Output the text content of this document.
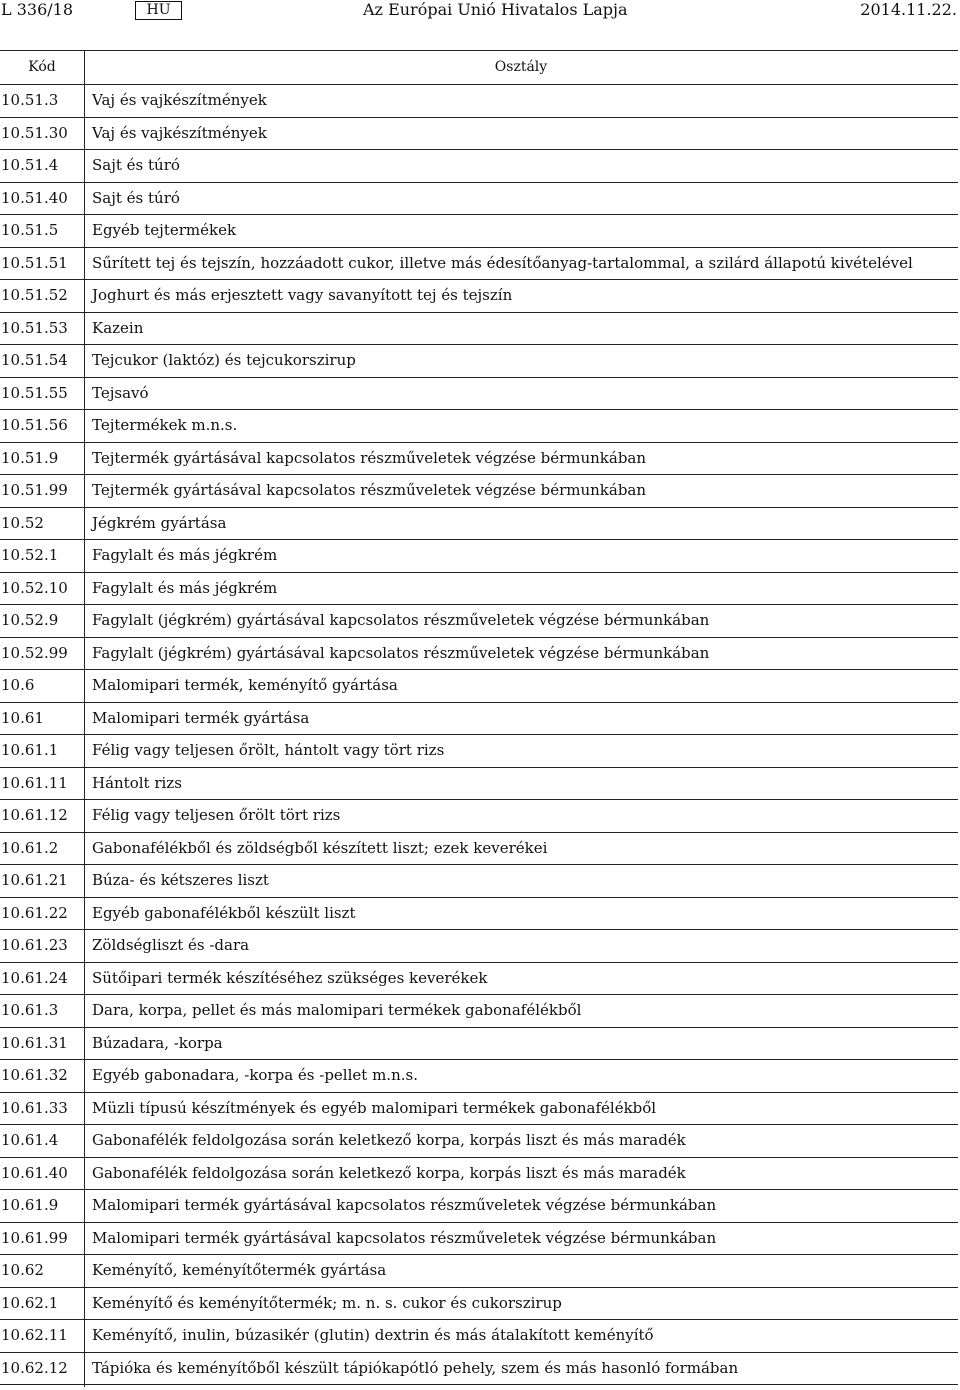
L 336/18	HU	Az Európai Unió Hivatalos Lapja	2014.11.22.
Kód	Osztály
10.51.3	Vaj és vajkészítmények
10.51.30	Vaj és vajkészítmények
10.51.4	Sajt és túró
10.51.40	Sajt és túró
10.51.5	Egyéb tejtermékek
10.51.51	Sűrített tej és tejszín, hozzáadott cukor, illetve más édesítőanyag-tartalommal, a szilárd állapotú kivételével
10.51.52	Joghurt és más erjesztett vagy savanyított tej és tejszín
10.51.53	Kazein
10.51.54	Tejcukor (laktóz) és tejcukorszirup
10.51.55	Tejsavó
10.51.56	Tejtermékek m.n.s.
10.51.9	Tejtermék gyártásával kapcsolatos részműveletek végzése bérmunkában
10.51.99	Tejtermék gyártásával kapcsolatos részműveletek végzése bérmunkában
10.52	Jégkrém gyártása
10.52.1	Fagylalt és más jégkrém
10.52.10	Fagylalt és más jégkrém
10.52.9	Fagylalt (jégkrém) gyártásával kapcsolatos részműveletek végzése bérmunkában
10.52.99	Fagylalt (jégkrém) gyártásával kapcsolatos részműveletek végzése bérmunkában
10.6	Malomipari termék, keményítő gyártása
10.61	Malomipari termék gyártása
10.61.1	Félig vagy teljesen őrölt, hántolt vagy tört rizs
10.61.11	Hántolt rizs
10.61.12	Félig vagy teljesen őrölt tört rizs
10.61.2	Gabonafélékből és zöldségből készített liszt; ezek keverékei
10.61.21	Búza- és kétszeres liszt
10.61.22	Egyéb gabonafélékből készült liszt
10.61.23	Zöldségliszt és -dara
10.61.24	Sütőipari termék készítéséhez szükséges keverékek
10.61.3	Dara, korpa, pellet és más malomipari termékek gabonafélékből
10.61.31	Búzadara, -korpa
10.61.32	Egyéb gabonadara, -korpa és -pellet m.n.s.
10.61.33	Müzli típusú készítmények és egyéb malomipari termékek gabonafélékből
10.61.4	Gabonafélék feldolgozása során keletkező korpa, korpás liszt és más maradék
10.61.40	Gabonafélék feldolgozása során keletkező korpa, korpás liszt és más maradék
10.61.9	Malomipari termék gyártásával kapcsolatos részműveletek végzése bérmunkában
10.61.99	Malomipari termék gyártásával kapcsolatos részműveletek végzése bérmunkában
10.62	Keményítő, keményítőtermék gyártása
10.62.1	Keményítő és keményítőtermék; m. n. s. cukor és cukorszirup
10.62.11	Keményítő, inulin, búzasikér (glutin) dextrin és más átalakított keményítő
10.62.12	Tápióka és keményítőből készült tápiókapótló pehely, szem és más hasonló formában
